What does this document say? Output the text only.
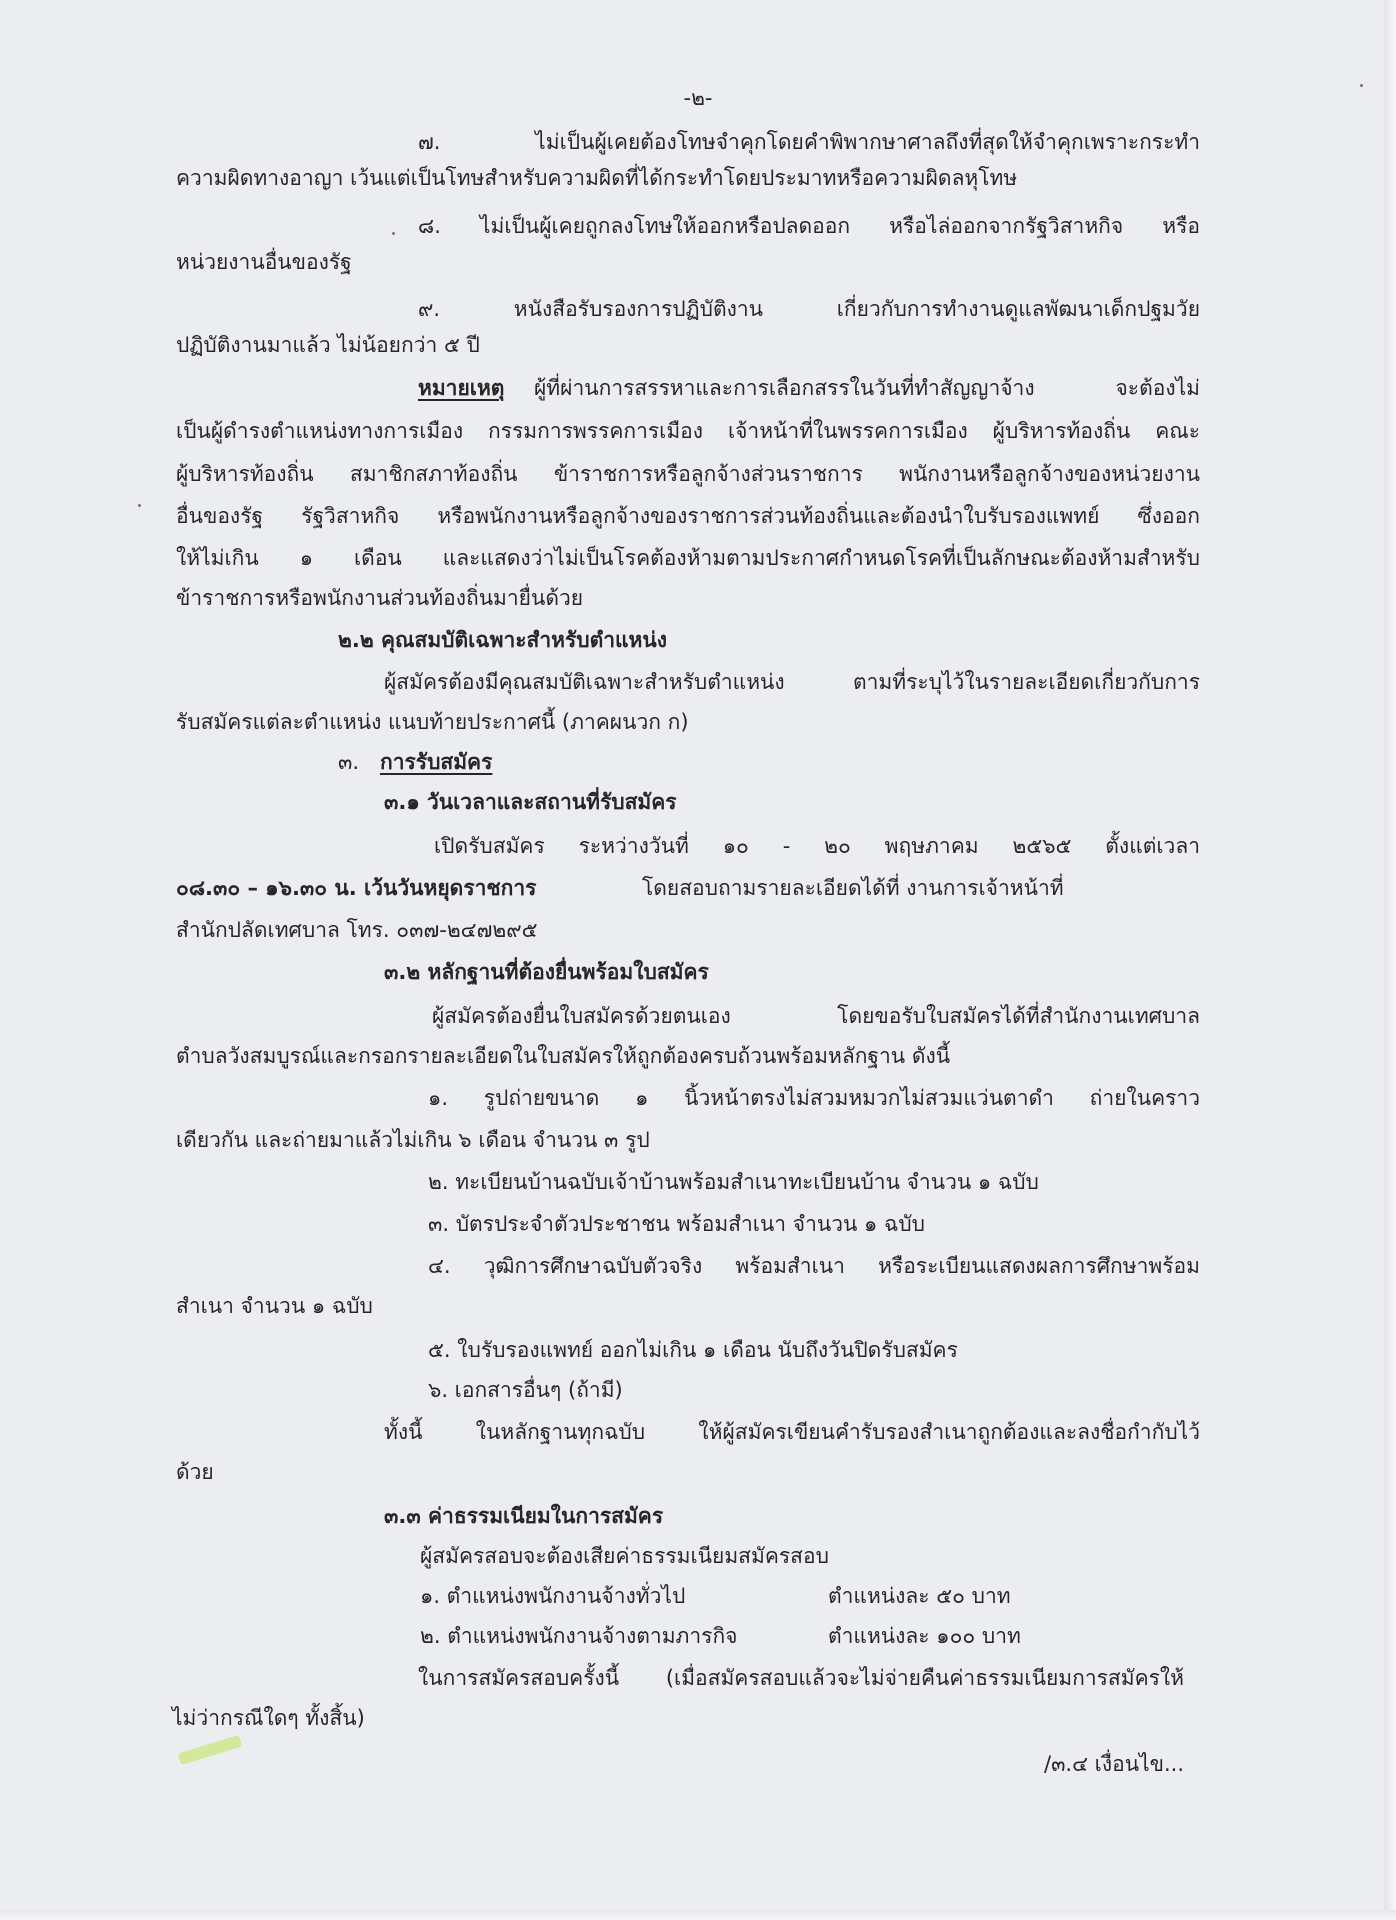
-๒-
๗. ไม่เป็นผู้เคยต้องโทษจำคุกโดยคำพิพากษาศาลถึงที่สุดให้จำคุกเพราะกระทำ
ความผิดทางอาญา เว้นแต่เป็นโทษสำหรับความผิดที่ได้กระทำโดยประมาทหรือความผิดลหุโทษ
๘. ไม่เป็นผู้เคยถูกลงโทษให้ออกหรือปลดออก หรือไล่ออกจากรัฐวิสาหกิจ หรือ
หน่วยงานอื่นของรัฐ
๙. หนังสือรับรองการปฏิบัติงาน เกี่ยวกับการทำงานดูแลพัฒนาเด็กปฐมวัย
ปฏิบัติงานมาแล้ว ไม่น้อยกว่า ๕ ปี
หมายเหตุ ผู้ที่ผ่านการสรรหาและการเลือกสรรในวันที่ทำสัญญาจ้าง จะต้องไม่
เป็นผู้ดำรงตำแหน่งทางการเมือง กรรมการพรรคการเมือง เจ้าหน้าที่ในพรรคการเมือง ผู้บริหารท้องถิ่น คณะ
ผู้บริหารท้องถิ่น สมาชิกสภาท้องถิ่น ข้าราชการหรือลูกจ้างส่วนราชการ พนักงานหรือลูกจ้างของหน่วยงาน
อื่นของรัฐ รัฐวิสาหกิจ หรือพนักงานหรือลูกจ้างของราชการส่วนท้องถิ่นและต้องนำใบรับรองแพทย์ ซึ่งออก
ให้ไม่เกิน ๑ เดือน และแสดงว่าไม่เป็นโรคต้องห้ามตามประกาศกำหนดโรคที่เป็นลักษณะต้องห้ามสำหรับ
ข้าราชการหรือพนักงานส่วนท้องถิ่นมายื่นด้วย
๒.๒ คุณสมบัติเฉพาะสำหรับตำแหน่ง
ผู้สมัครต้องมีคุณสมบัติเฉพาะสำหรับตำแหน่ง ตามที่ระบุไว้ในรายละเอียดเกี่ยวกับการ
รับสมัครแต่ละตำแหน่ง แนบท้ายประกาศนี้ (ภาคผนวก ก)
๓. การรับสมัคร
๓.๑ วันเวลาและสถานที่รับสมัคร
เปิดรับสมัคร ระหว่างวันที่ ๑๐ - ๒๐ พฤษภาคม ๒๕๖๕ ตั้งแต่เวลา
๐๘.๓๐ – ๑๖.๓๐ น. เว้นวันหยุดราชการ	โดยสอบถามรายละเอียดได้ที่ งานการเจ้าหน้าที่
สำนักปลัดเทศบาล โทร. ๐๓๗-๒๔๗๒๙๕
๓.๒ หลักฐานที่ต้องยื่นพร้อมใบสมัคร
ผู้สมัครต้องยื่นใบสมัครด้วยตนเอง โดยขอรับใบสมัครได้ที่สำนักงานเทศบาล
ตำบลวังสมบูรณ์และกรอกรายละเอียดในใบสมัครให้ถูกต้องครบถ้วนพร้อมหลักฐาน ดังนี้
๑. รูปถ่ายขนาด ๑ นิ้วหน้าตรงไม่สวมหมวกไม่สวมแว่นตาดำ ถ่ายในคราว
เดียวกัน และถ่ายมาแล้วไม่เกิน ๖ เดือน จำนวน ๓ รูป
๒. ทะเบียนบ้านฉบับเจ้าบ้านพร้อมสำเนาทะเบียนบ้าน จำนวน ๑ ฉบับ
๓. บัตรประจำตัวประชาชน พร้อมสำเนา จำนวน ๑ ฉบับ
๔. วุฒิการศึกษาฉบับตัวจริง พร้อมสำเนา หรือระเบียนแสดงผลการศึกษาพร้อม
สำเนา จำนวน ๑ ฉบับ
๕. ใบรับรองแพทย์ ออกไม่เกิน ๑ เดือน นับถึงวันปิดรับสมัคร
๖. เอกสารอื่นๆ (ถ้ามี)
ทั้งนี้ ในหลักฐานทุกฉบับ ให้ผู้สมัครเขียนคำรับรองสำเนาถูกต้องและลงชื่อกำกับไว้
ด้วย
๓.๓ ค่าธรรมเนียมในการสมัคร
ผู้สมัครสอบจะต้องเสียค่าธรรมเนียมสมัครสอบ
๑. ตำแหน่งพนักงานจ้างทั่วไป	ตำแหน่งละ ๕๐ บาท
๒. ตำแหน่งพนักงานจ้างตามภารกิจ	ตำแหน่งละ ๑๐๐ บาท
ในการสมัครสอบครั้งนี้ (เมื่อสมัครสอบแล้วจะไม่จ่ายคืนค่าธรรมเนียมการสมัครให้
ไม่ว่ากรณีใดๆ ทั้งสิ้น)
/๓.๔ เงื่อนไข...
